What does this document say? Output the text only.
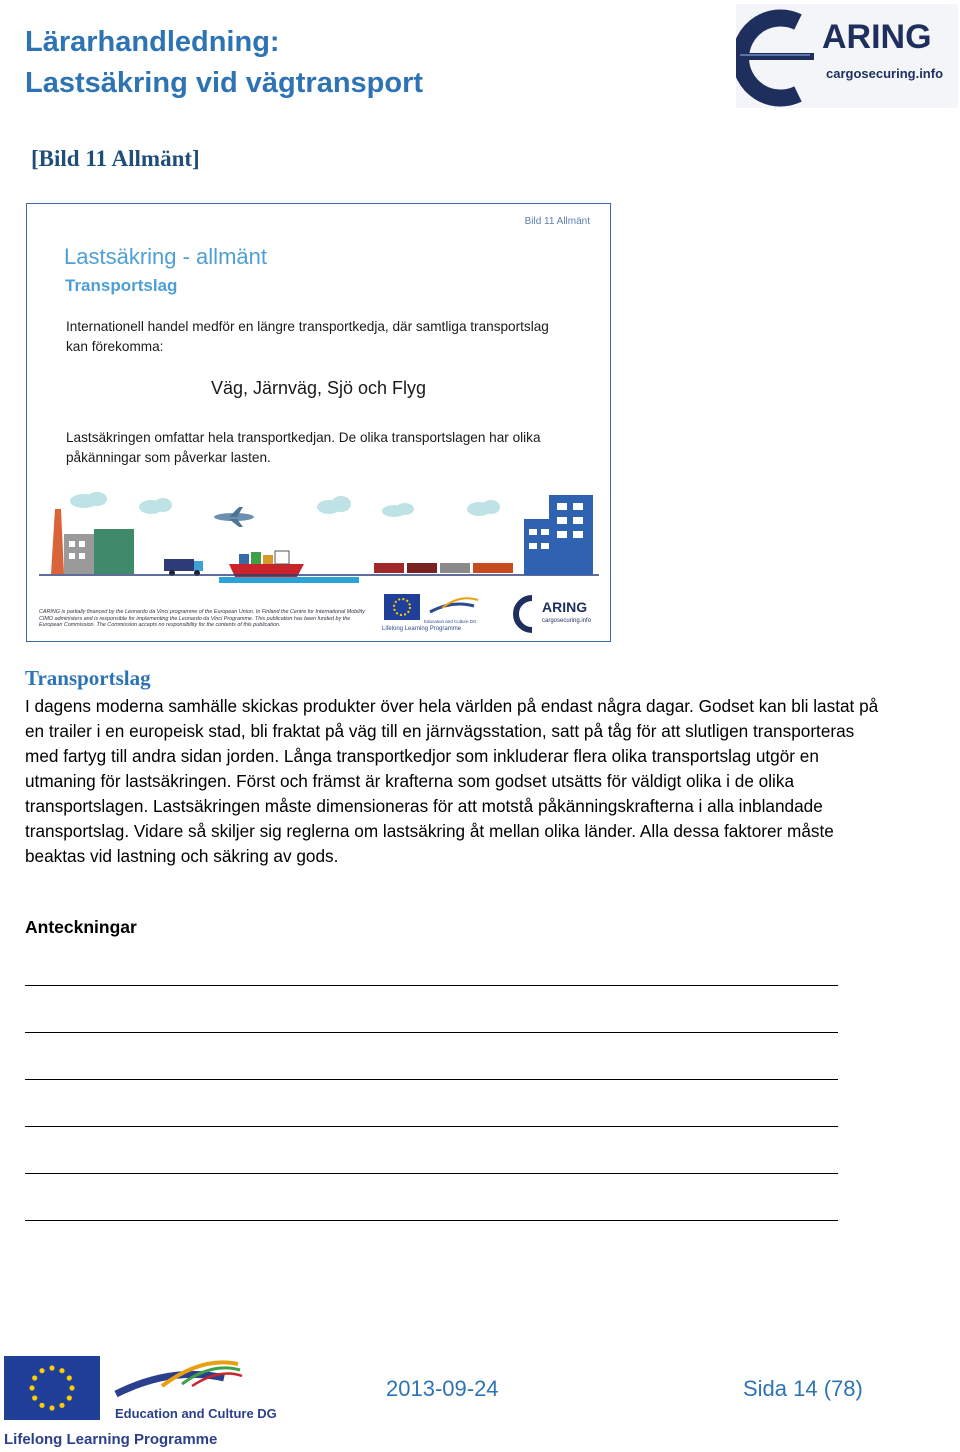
Lärarhandledning:
Lastsäkring vid vägtransport
ARING
cargosecuring.info
[Bild 11 Allmänt]
Bild 11 Allmänt
Lastsäkring - allmänt
Transportslag
Internationell handel medför en längre transportkedja, där samtliga transportslag kan förekomma:
Väg, Järnväg, Sjö och Flyg
Lastsäkringen omfattar hela transportkedjan. De olika transportslagen har olika påkänningar som påverkar lasten.
CARING is partially financed by the Leonardo da Vinci programme of the European Union. In Finland the Centre for International Mobility CIMO administers and is responsible for implementing the Leonardo da Vinci Programme. This publication has been funded by the European Commission. The Commission accepts no responsibility for the contents of this publication.
ARING
cargosecuring.info
Education and Culture DG
Lifelong Learning Programme
Transportslag
I dagens moderna samhälle skickas produkter över hela världen på endast några dagar. Godset kan bli lastat på en trailer i en europeisk stad, bli fraktat på väg till en järnvägsstation, satt på tåg för att slutligen transporteras med fartyg till andra sidan jorden. Långa transportkedjor som inkluderar flera olika transportslag utgör en utmaning för lastsäkringen. Först och främst är krafterna som godset utsätts för väldigt olika i de olika transportslagen. Lastsäkringen måste dimensioneras för att motstå påkänningskrafterna i alla inblandade transportslag. Vidare så skiljer sig reglerna om lastsäkring åt mellan olika länder. Alla dessa faktorer måste beaktas vid lastning och säkring av gods.
Anteckningar
Education and Culture DG
Lifelong Learning Programme
2013-09-24	Sida 14 (78)
